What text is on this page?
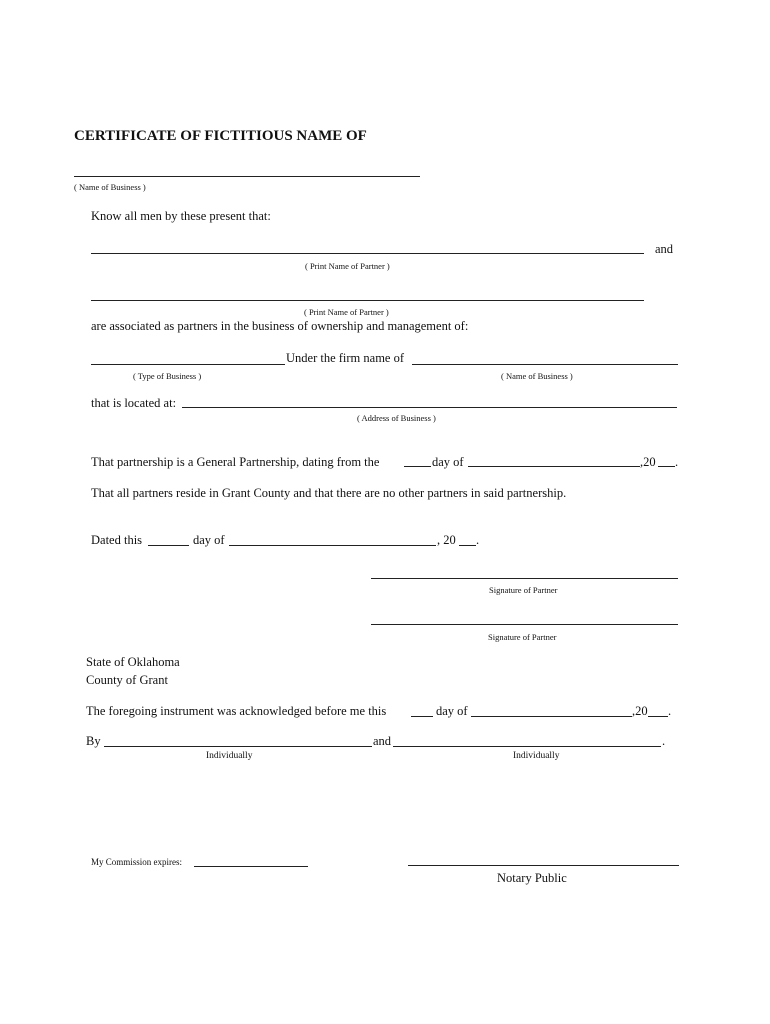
CERTIFICATE OF FICTITIOUS NAME OF
( Name of Business )
Know all men by these present that:
and
( Print Name of Partner )
( Print Name of Partner )
are associated as partners in the business of ownership and management of:
Under the firm name of
( Type of Business )	( Name of Business )
that is located at:
( Address of Business )
That partnership is a General Partnership, dating from the	day of	,20 .
That all partners reside in Grant County and that there are no other partners in said partnership.
Dated this	day of	, 20 .
Signature of Partner
Signature of Partner
State of Oklahoma
County of Grant
The foregoing instrument was acknowledged before me this	day of	,20 .
By	and	.
Individually	Individually
My Commission expires:
Notary Public
